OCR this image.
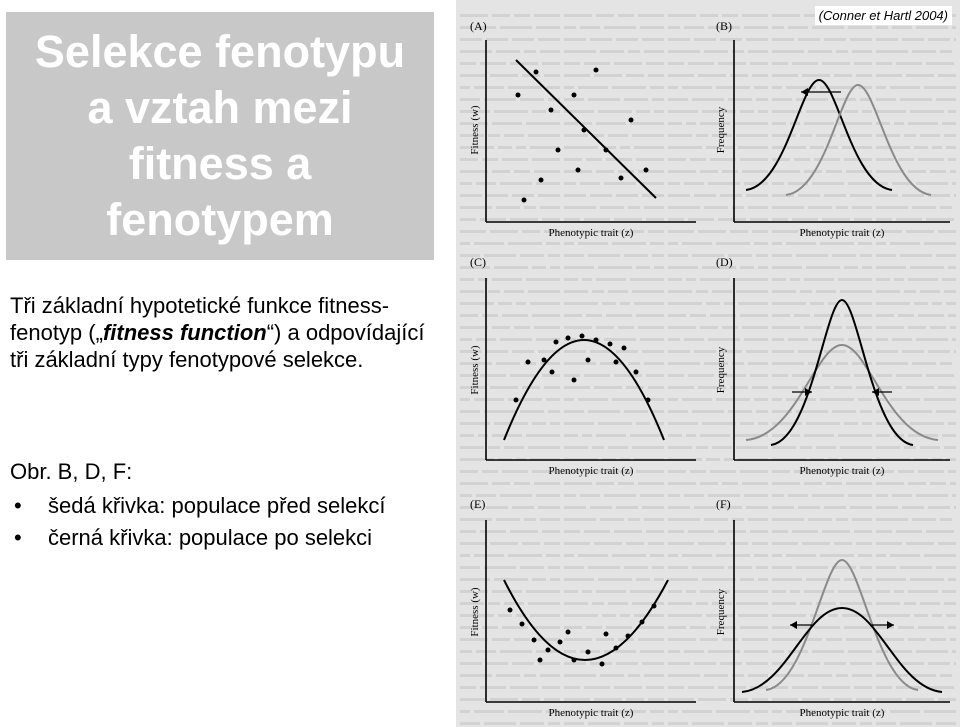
Selekce fenotypu
a vztah mezi
fitness a
fenotypem
Tři základní hypotetické funkce fitness-fenotyp („fitness function“) a odpovídající tři základní typy fenotypové selekce.
Obr. B, D, F:
• šedá křivka: populace před selekcí
• černá křivka: populace po selekci
(A)
Fitness (w)
Phenotypic trait (z)
(B)
Frequency
Phenotypic trait (z)
(C)
Fitness (w)
Phenotypic trait (z)
(D)
Frequency
Phenotypic trait (z)
(E)
Fitness (w)
Phenotypic trait (z)
(F)
Frequency
Phenotypic trait (z)
(Conner et Hartl 2004)
